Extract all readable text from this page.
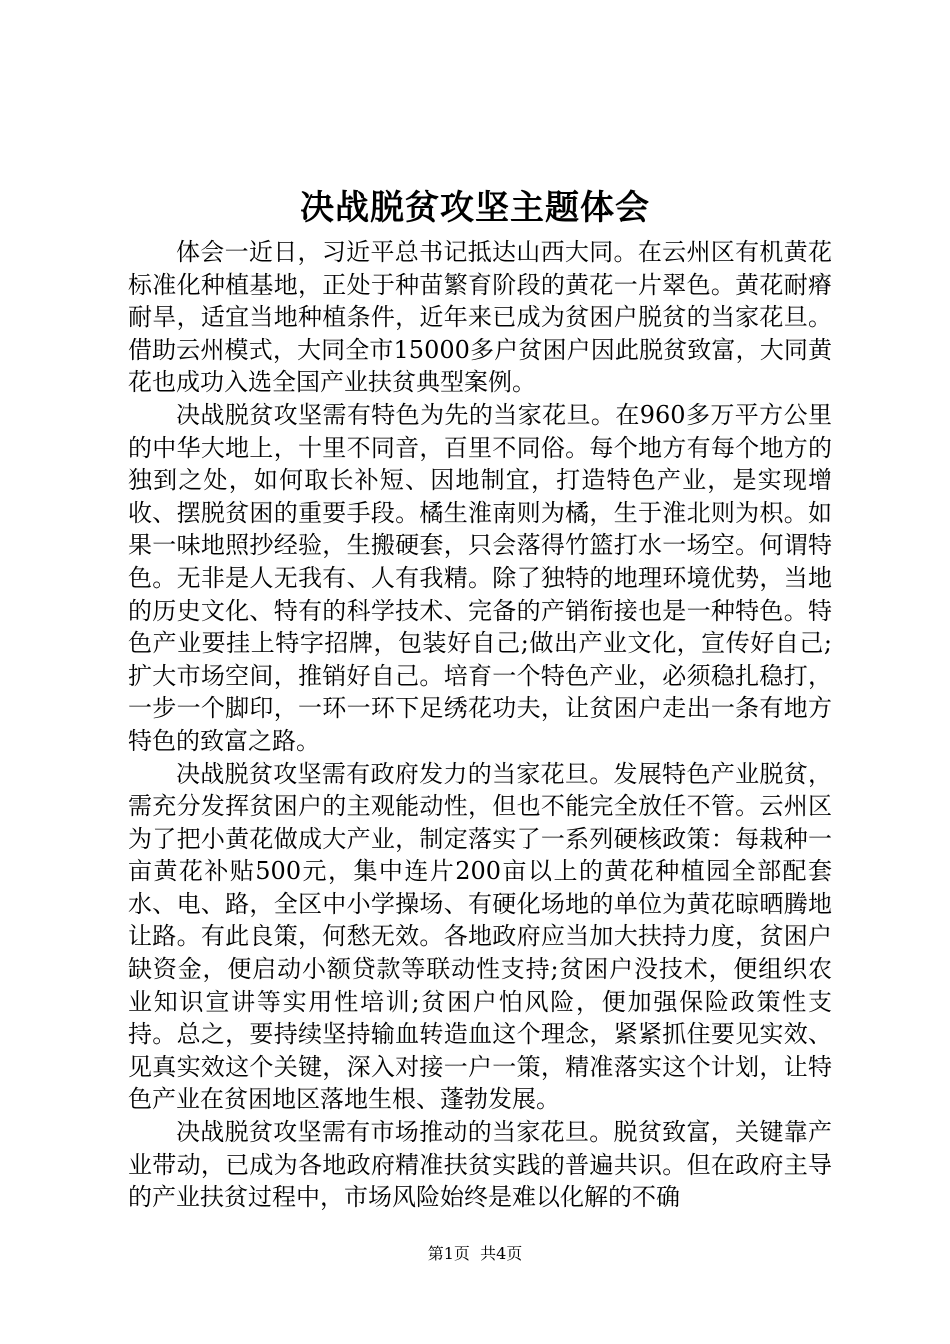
决战脱贫攻坚主题体会

体会一近日，习近平总书记抵达山西大同。在云州区有机黄花标准化种植基地，正处于种苗繁育阶段的黄花一片翠色。黄花耐瘠耐旱，适宜当地种植条件，近年来已成为贫困户脱贫的当家花旦。借助云州模式，大同全市15000多户贫困户因此脱贫致富，大同黄花也成功入选全国产业扶贫典型案例。

决战脱贫攻坚需有特色为先的当家花旦。在960多万平方公里的中华大地上，十里不同音，百里不同俗。每个地方有每个地方的独到之处，如何取长补短、因地制宜，打造特色产业，是实现增收、摆脱贫困的重要手段。橘生淮南则为橘，生于淮北则为枳。如果一味地照抄经验，生搬硬套，只会落得竹篮打水一场空。何谓特色。无非是人无我有、人有我精。除了独特的地理环境优势，当地的历史文化、特有的科学技术、完备的产销衔接也是一种特色。特色产业要挂上特字招牌，包装好自己;做出产业文化，宣传好自己;扩大市场空间，推销好自己。培育一个特色产业，必须稳扎稳打，一步一个脚印，一环一环下足绣花功夫，让贫困户走出一条有地方特色的致富之路。

决战脱贫攻坚需有政府发力的当家花旦。发展特色产业脱贫，需充分发挥贫困户的主观能动性，但也不能完全放任不管。云州区为了把小黄花做成大产业，制定落实了一系列硬核政策：每栽种一亩黄花补贴500元，集中连片200亩以上的黄花种植园全部配套水、电、路，全区中小学操场、有硬化场地的单位为黄花晾晒腾地让路。有此良策，何愁无效。各地政府应当加大扶持力度，贫困户缺资金，便启动小额贷款等联动性支持;贫困户没技术，便组织农业知识宣讲等实用性培训;贫困户怕风险，便加强保险政策性支持。总之，要持续坚持输血转造血这个理念，紧紧抓住要见实效、见真实效这个关键，深入对接一户一策，精准落实这个计划，让特色产业在贫困地区落地生根、蓬勃发展。

决战脱贫攻坚需有市场推动的当家花旦。脱贫致富，关键靠产业带动，已成为各地政府精准扶贫实践的普遍共识。但在政府主导的产业扶贫过程中，市场风险始终是难以化解的不确

第1页 共4页
